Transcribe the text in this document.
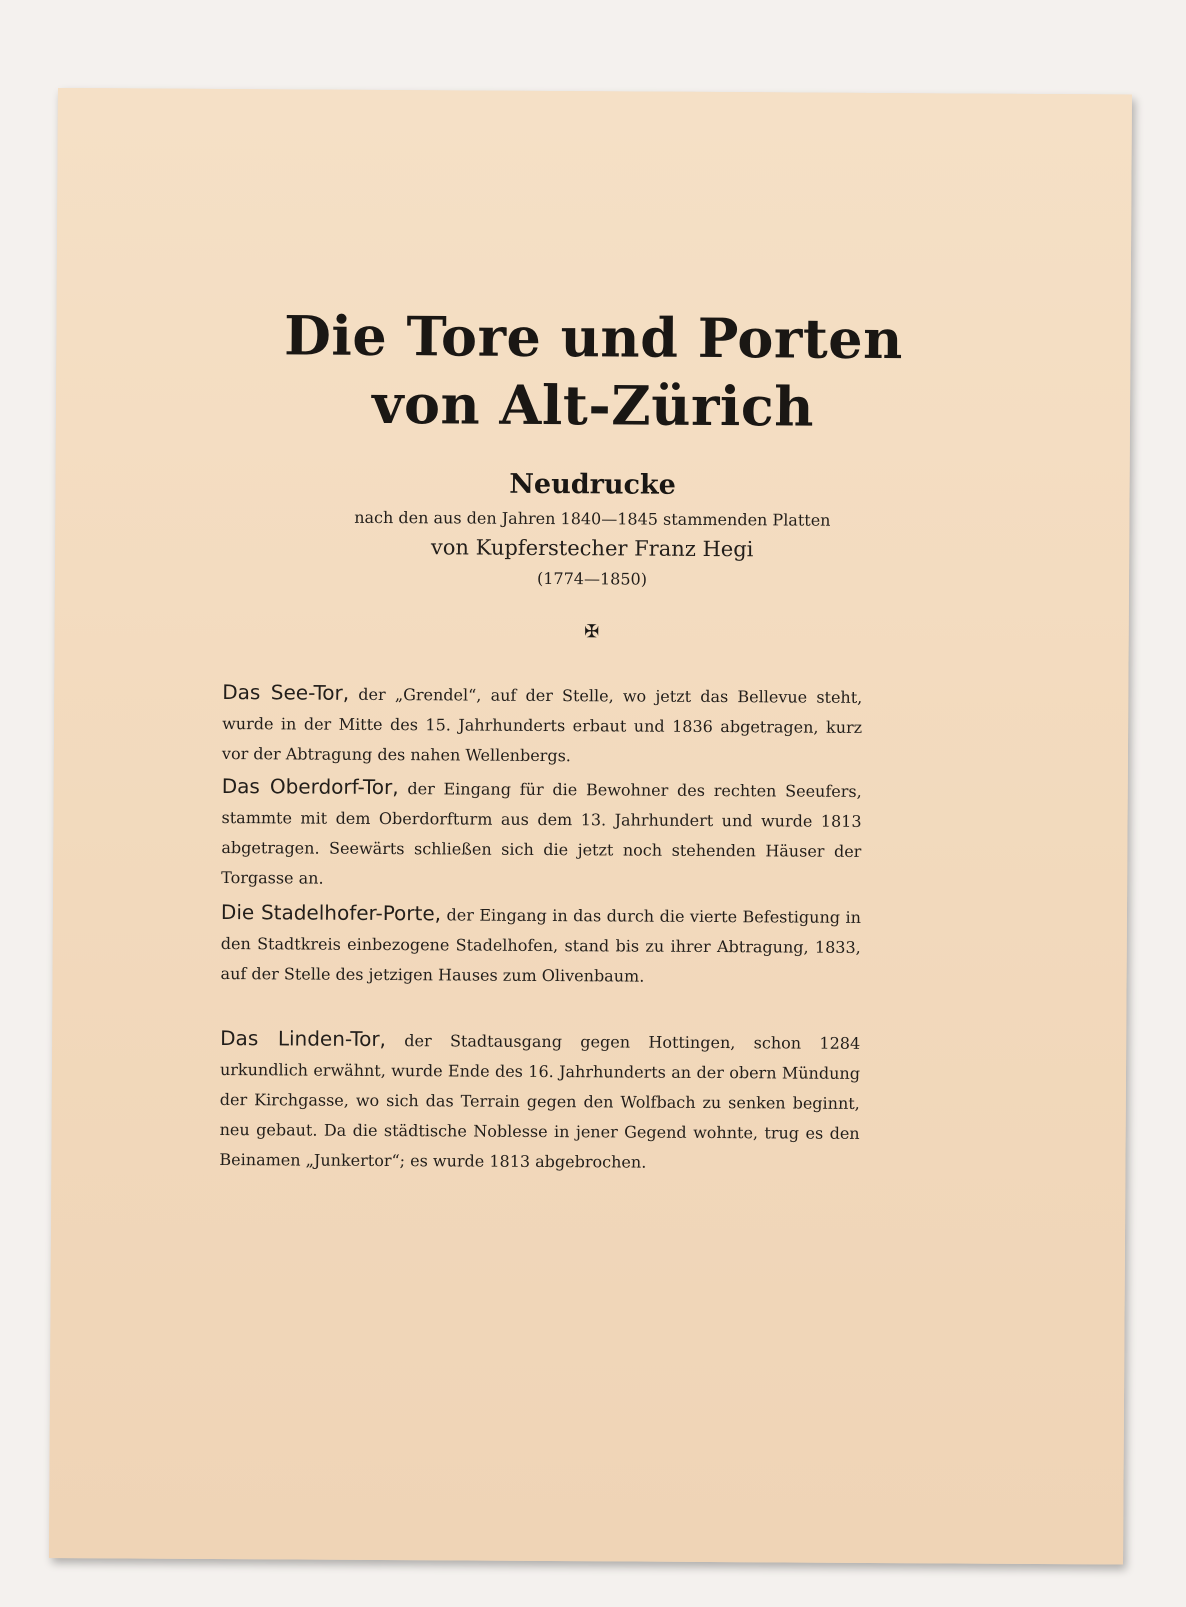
Die Tore und Porten
von Alt-Zürich
Neudrucke
nach den aus den Jahren 1840—1845 stammenden Platten
von Kupferstecher Franz Hegi
(1774—1850)
✠
Das See-Tor, der „Grendel“, auf der Stelle, wo jetzt das Bellevue steht, wurde in der Mitte des 15. Jahrhunderts erbaut und 1836 abgetragen, kurz vor der Abtragung des nahen Wellenbergs.
Das Oberdorf-Tor, der Eingang für die Bewohner des rechten Seeufers, stammte mit dem Oberdorfturm aus dem 13. Jahrhundert und wurde 1813 abgetragen. Seewärts schließen sich die jetzt noch stehenden Häuser der Torgasse an.
Die Stadelhofer-Porte, der Eingang in das durch die vierte Befestigung in den Stadtkreis einbezogene Stadelhofen, stand bis zu ihrer Abtragung, 1833, auf der Stelle des jetzigen Hauses zum Olivenbaum.
Das Linden-Tor, der Stadtausgang gegen Hottingen, schon 1284 urkundlich erwähnt, wurde Ende des 16. Jahrhunderts an der obern Mündung der Kirchgasse, wo sich das Terrain gegen den Wolfbach zu senken beginnt, neu gebaut. Da die städtische Noblesse in jener Gegend wohnte, trug es den Beinamen „Junkertor“; es wurde 1813 abgebrochen.
